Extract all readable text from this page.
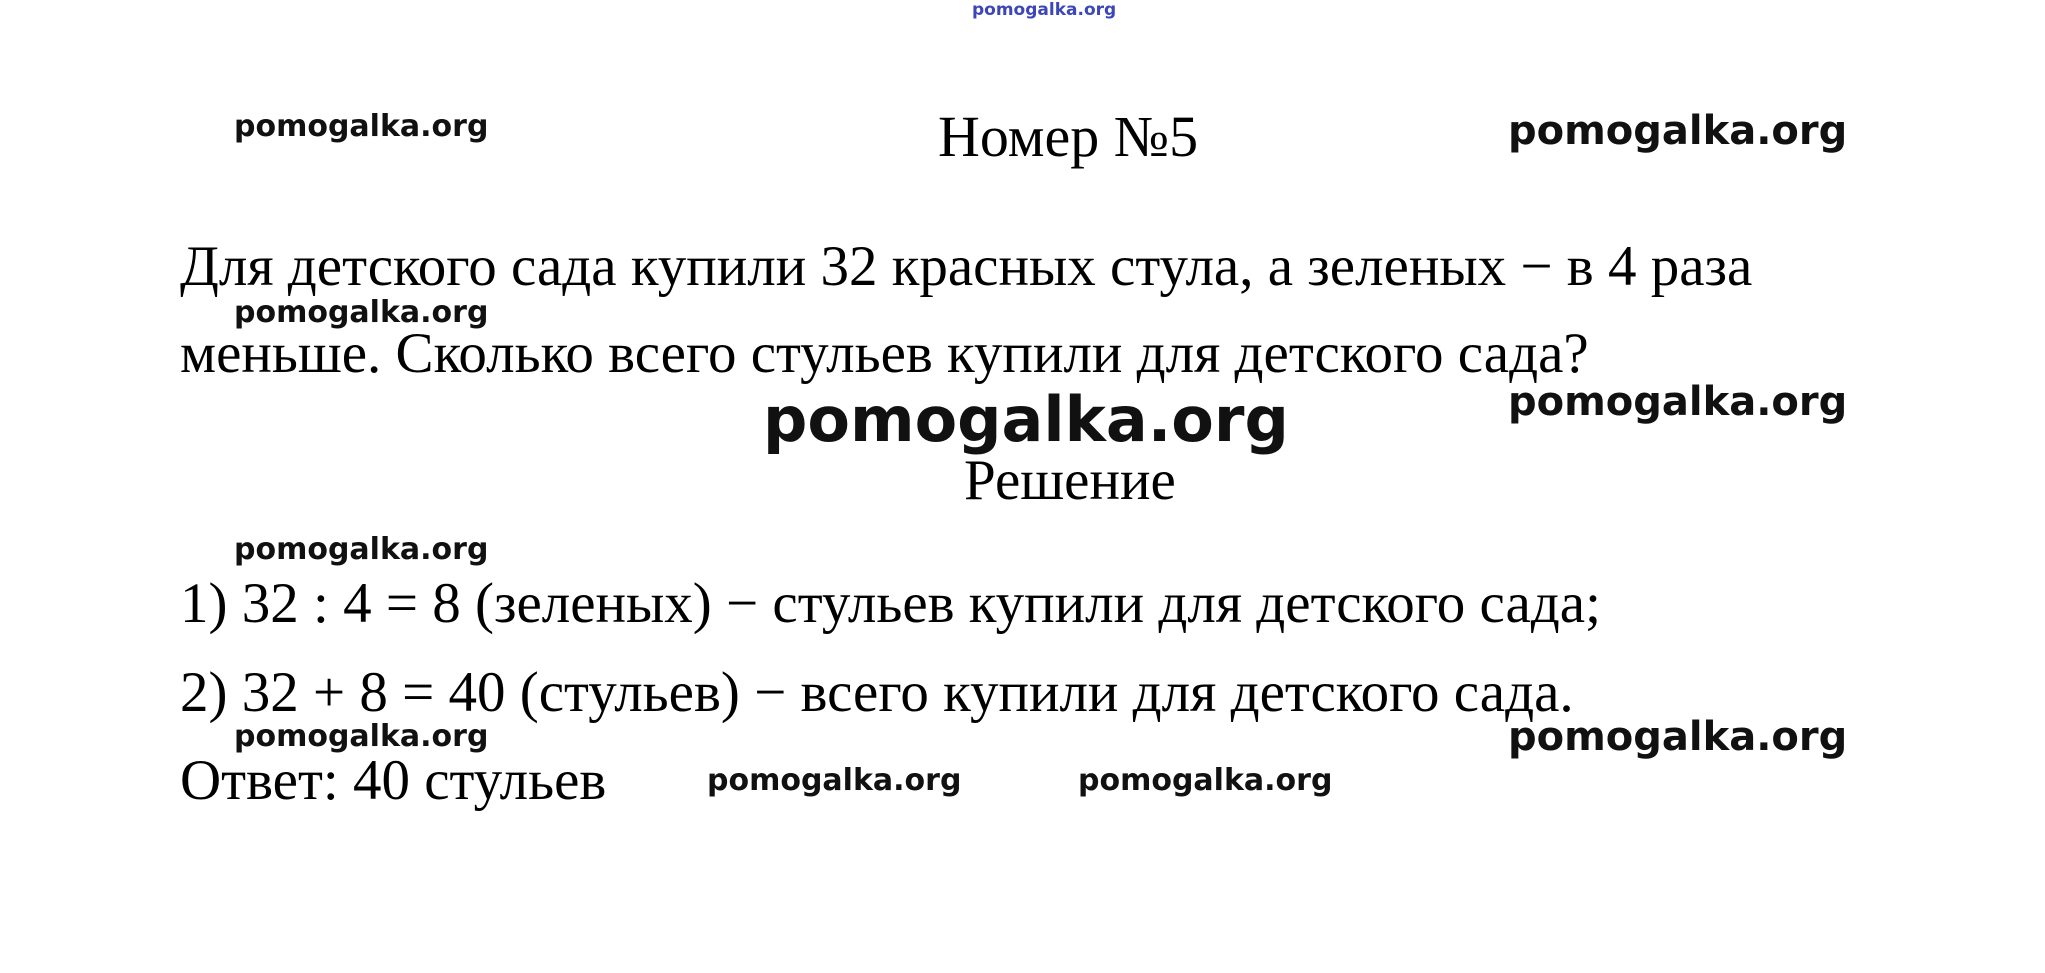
pomogalka.org
Номер №5
Для детского сада купили 32 красных стула, а зеленых − в 4 раза
меньше. Сколько всего стульев купили для детского сада?
Решение
1) 32 : 4 = 8 (зеленых) − стульев купили для детского сада;
2) 32 + 8 = 40 (стульев) − всего купили для детского сада.
Ответ: 40 стульев
pomogalka.org	pomogalka.org
pomogalka.org
pomogalka.org
pomogalka.org
pomogalka.org
pomogalka.org	pomogalka.org
pomogalka.org	pomogalka.org
